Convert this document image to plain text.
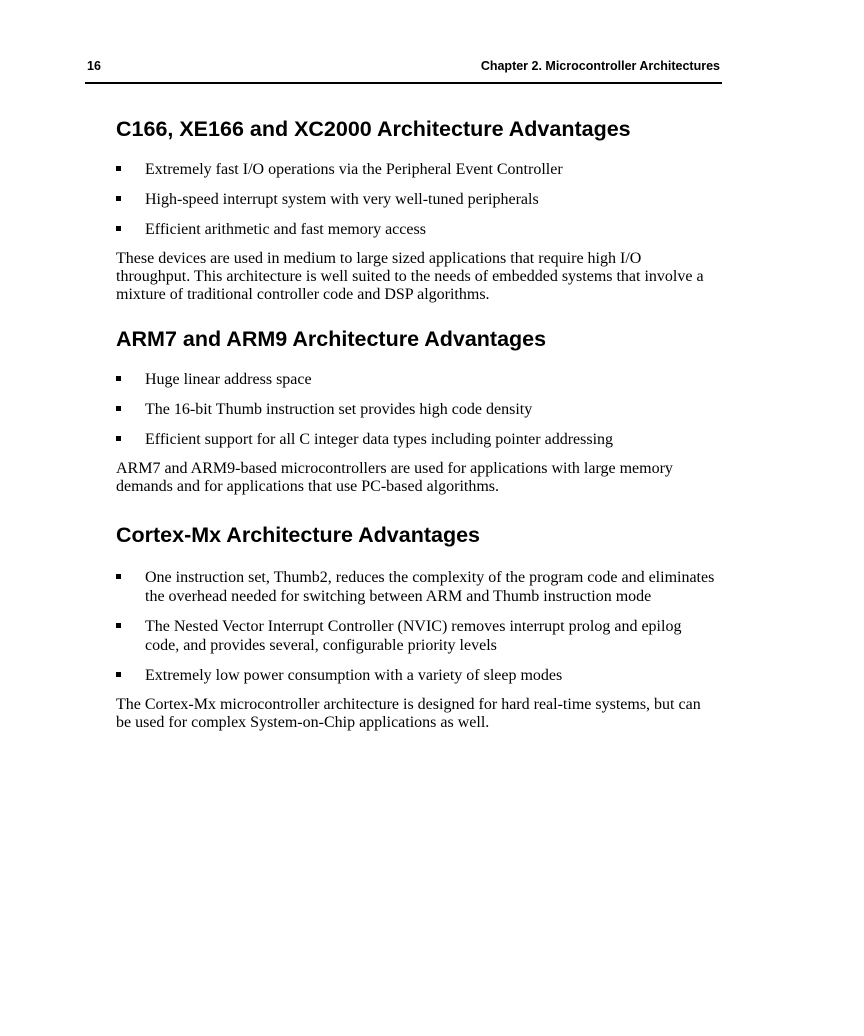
16	Chapter 2. Microcontroller Architectures
C166, XE166 and XC2000 Architecture Advantages
Extremely fast I/O operations via the Peripheral Event Controller
High-speed interrupt system with very well-tuned peripherals
Efficient arithmetic and fast memory access

These devices are used in medium to large sized applications that require high I/O throughput. This architecture is well suited to the needs of embedded systems that involve a mixture of traditional controller code and DSP algorithms.

ARM7 and ARM9 Architecture Advantages
Huge linear address space
The 16-bit Thumb instruction set provides high code density
Efficient support for all C integer data types including pointer addressing

ARM7 and ARM9-based microcontrollers are used for applications with large memory demands and for applications that use PC-based algorithms.

Cortex-Mx Architecture Advantages
One instruction set, Thumb2, reduces the complexity of the program code and eliminates the overhead needed for switching between ARM and Thumb instruction mode
The Nested Vector Interrupt Controller (NVIC) removes interrupt prolog and epilog code, and provides several, configurable priority levels
Extremely low power consumption with a variety of sleep modes

The Cortex-Mx microcontroller architecture is designed for hard real-time systems, but can be used for complex System-on-Chip applications as well.
